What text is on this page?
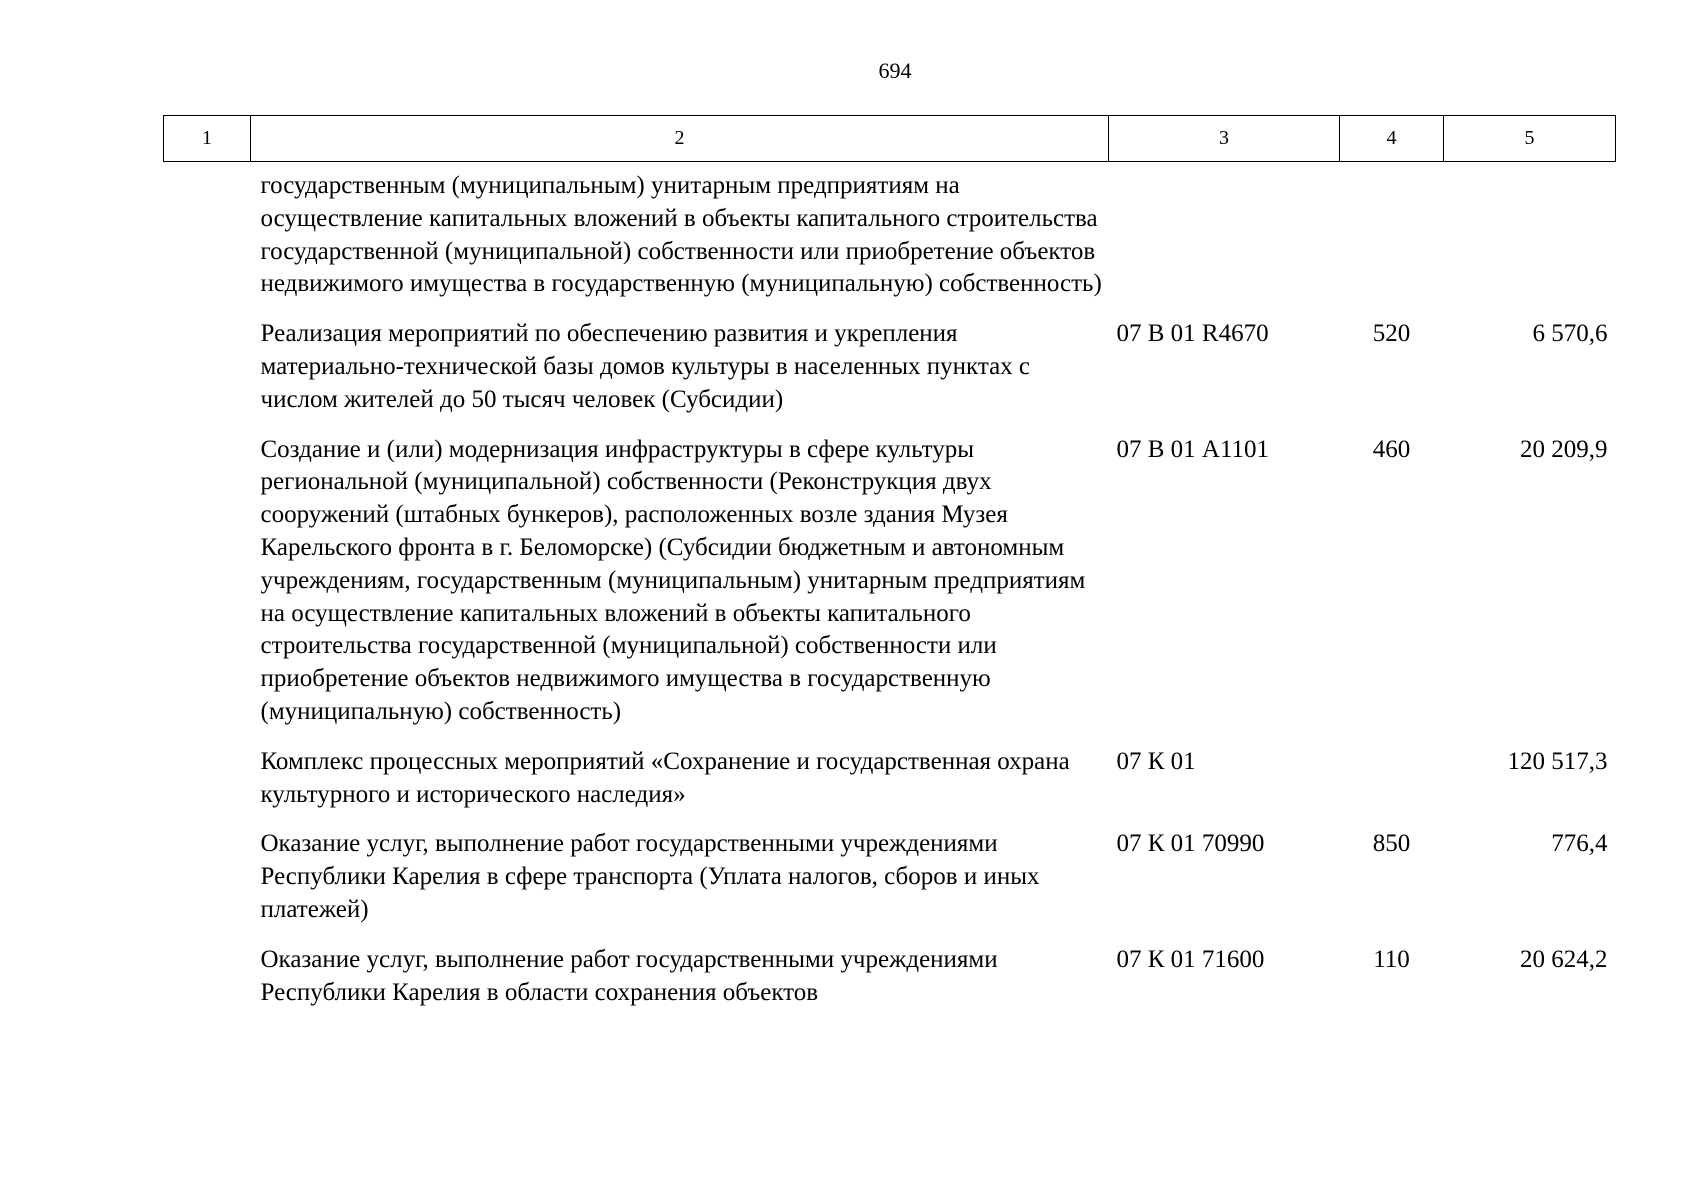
694
1	2	3	4	5
	государственным (муниципальным) унитарным предприятиям на осуществление капитальных вложений в объекты капитального строительства государственной (муниципальной) собственности или приобретение объектов недвижимого имущества в государственную (муниципальную) собственность)			
	Реализация мероприятий по обеспечению развития и укрепления материально-технической базы домов культуры в населенных пунктах с числом жителей до 50 тысяч человек (Субсидии)	07 В 01 R4670	520	6 570,6
	Создание и (или) модернизация инфраструктуры в сфере культуры региональной (муниципальной) собственности (Реконструкция двух сооружений (штабных бункеров), расположенных возле здания Музея Карельского фронта в г. Беломорске) (Субсидии бюджетным и автономным учреждениям, государственным (муниципальным) унитарным предприятиям на осуществление капитальных вложений в объекты капитального строительства государственной (муниципальной) собственности или приобретение объектов недвижимого имущества в государственную (муниципальную) собственность)	07 В 01 А1101	460	20 209,9
	Комплекс процессных мероприятий «Сохранение и государственная охрана культурного и исторического наследия»	07 К 01		120 517,3
	Оказание услуг, выполнение работ государственными учреждениями Республики Карелия в сфере транспорта (Уплата налогов, сборов и иных платежей)	07 К 01 70990	850	776,4
	Оказание услуг, выполнение работ государственными учреждениями Республики Карелия в области сохранения объектов	07 К 01 71600	110	20 624,2
